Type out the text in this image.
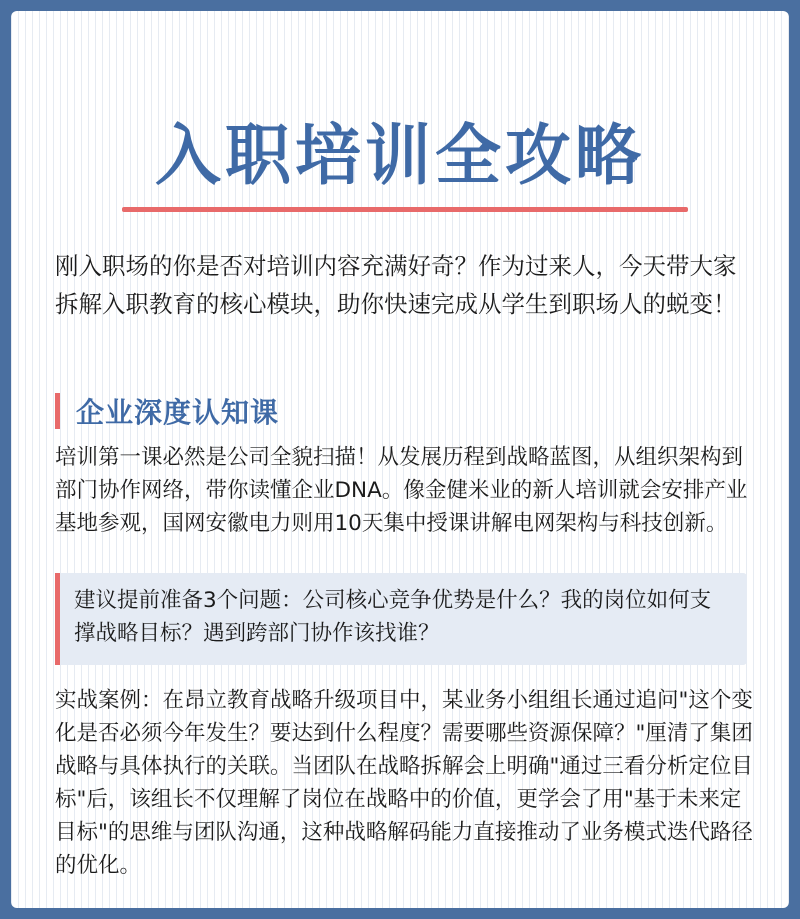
入职培训全攻略

刚入职场的你是否对培训内容充满好奇？作为过来人，今天带大家拆解入职教育的核心模块，助你快速完成从学生到职场人的蜕变！

企业深度认知课

培训第一课必然是公司全貌扫描！从发展历程到战略蓝图，从组织架构到部门协作网络，带你读懂企业DNA。像金健米业的新人培训就会安排产业基地参观，国网安徽电力则用10天集中授课讲解电网架构与科技创新。

建议提前准备3个问题：公司核心竞争优势是什么？我的岗位如何支撑战略目标？遇到跨部门协作该找谁？

实战案例：在昂立教育战略升级项目中，某业务小组组长通过追问"这个变化是否必须今年发生？要达到什么程度？需要哪些资源保障？"厘清了集团战略与具体执行的关联。当团队在战略拆解会上明确"通过三看分析定位目标"后，该组长不仅理解了岗位在战略中的价值，更学会了用"基于未来定目标"的思维与团队沟通，这种战略解码能力直接推动了业务模式迭代路径的优化。
